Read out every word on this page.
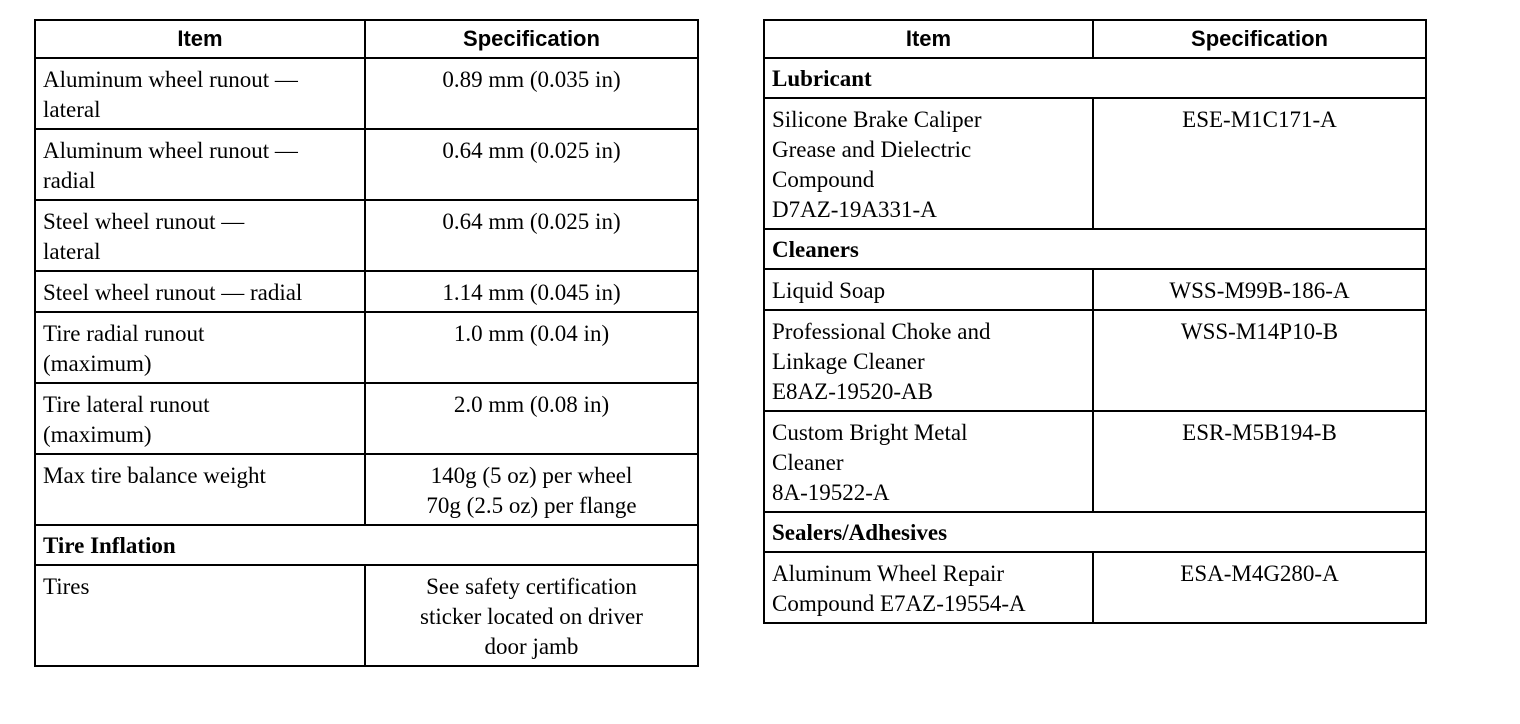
Item	Specification

Aluminum wheel runout —
lateral	0.89 mm (0.035 in)

Aluminum wheel runout —
radial	0.64 mm (0.025 in)

Steel wheel runout —
lateral	0.64 mm (0.025 in)

Steel wheel runout — radial	1.14 mm (0.045 in)

Tire radial runout
(maximum)	1.0 mm (0.04 in)

Tire lateral runout
(maximum)	2.0 mm (0.08 in)

Max tire balance weight	140g (5 oz) per wheel
70g (2.5 oz) per flange

Tire Inflation	

Tires	See safety certification
sticker located on driver
door jamb
Item	Specification
Lubricant	

Silicone Brake Caliper
Grease and Dielectric
Compound
D7AZ-19A331-A	ESE-M1C171-A

Cleaners	

Liquid Soap	WSS-M99B-186-A

Professional Choke and
Linkage Cleaner
E8AZ-19520-AB	WSS-M14P10-B

Custom Bright Metal
Cleaner
8A-19522-A	ESR-M5B194-B

Sealers/Adhesives	

Aluminum Wheel Repair
Compound E7AZ-19554-A	ESA-M4G280-A
